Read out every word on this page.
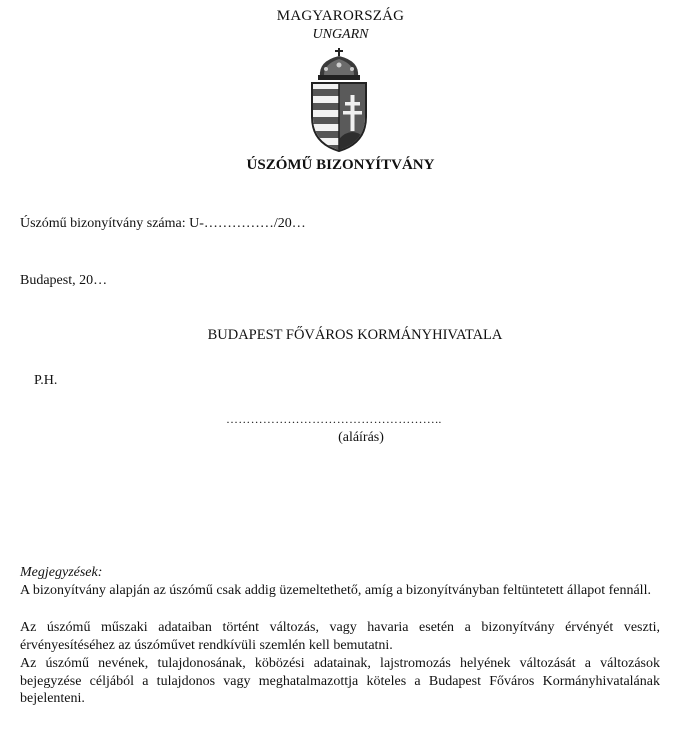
MAGYARORSZÁG
UNGARN
ÚSZÓMŰ BIZONYÍTVÁNY
Úszómű bizonyítvány száma: U-……………/20…
Budapest, 20…
BUDAPEST FŐVÁROS KORMÁNYHIVATALA
P.H.
……………………………………………..
(aláírás)
Megjegyzések:
A bizonyítvány alapján az úszómű csak addig üzemeltethető, amíg a bizonyítványban feltüntetett állapot fennáll.
Az úszómű műszaki adataiban történt változás, vagy havaria esetén a bizonyítvány érvényét veszti, érvényesítéséhez az úszóművet rendkívüli szemlén kell bemutatni.
Az úszómű nevének, tulajdonosának, köbözési adatainak, lajstromozás helyének változását a változások bejegyzése céljából a tulajdonos vagy meghatalmazottja köteles a Budapest Főváros Kormányhivatalának bejelenteni.
